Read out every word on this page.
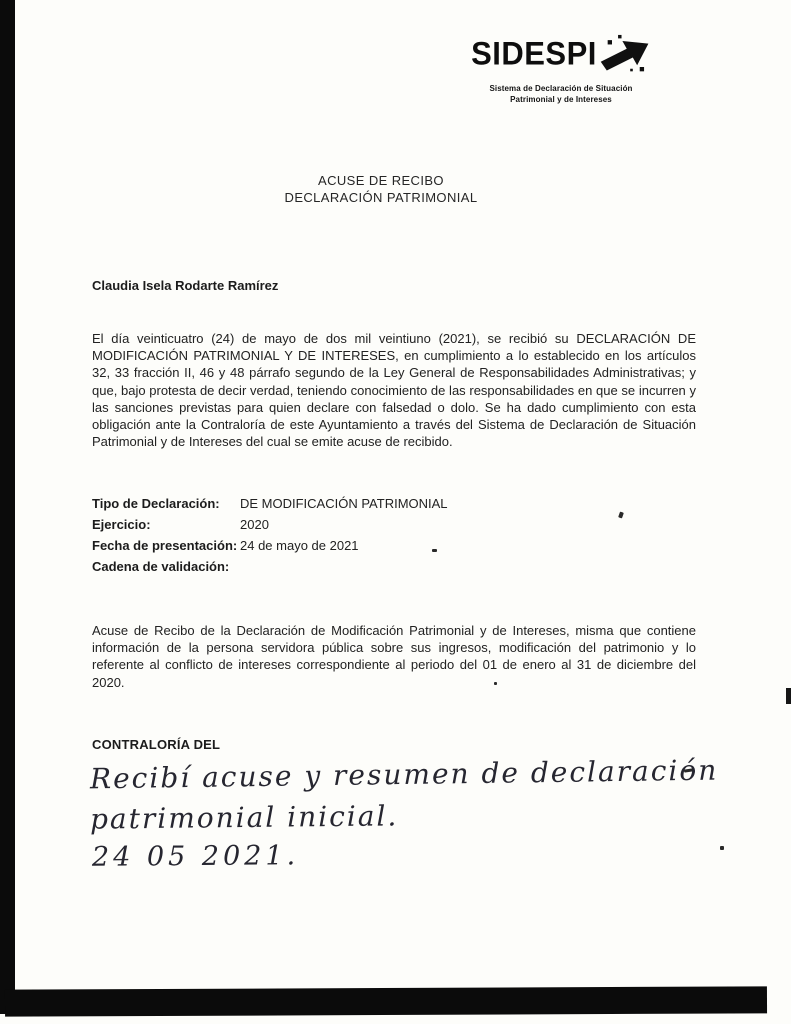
SIDESPI
Sistema de Declaración de Situación
Patrimonial y de Intereses
ACUSE DE RECIBO
DECLARACIÓN PATRIMONIAL
Claudia Isela Rodarte Ramírez
El día veinticuatro (24) de mayo de dos mil veintiuno (2021), se recibió su DECLARACIÓN DE MODIFICACIÓN PATRIMONIAL Y DE INTERESES, en cumplimiento a lo establecido en los artículos 32, 33 fracción II, 46 y 48 párrafo segundo de la Ley General de Responsabilidades Administrativas; y que, bajo protesta de decir verdad, teniendo conocimiento de las responsabilidades en que se incurren y las sanciones previstas para quien declare con falsedad o dolo. Se ha dado cumplimiento con esta obligación ante la Contraloría de este Ayuntamiento a través del Sistema de Declaración de Situación Patrimonial y de Intereses del cual se emite acuse de recibido.
Tipo de Declaración:	DE MODIFICACIÓN PATRIMONIAL
Ejercicio:	2020
Fecha de presentación: 24 de mayo de 2021
Cadena de validación:
Acuse de Recibo de la Declaración de Modificación Patrimonial y de Intereses, misma que contiene información de la persona servidora pública sobre sus ingresos, modificación del patrimonio y lo referente al conflicto de intereses correspondiente al periodo del 01 de enero al 31 de diciembre del 2020.
CONTRALORÍA DEL
Recibí acuse y resumen de declaración
patrimonial inicial.
24 05 2021.
